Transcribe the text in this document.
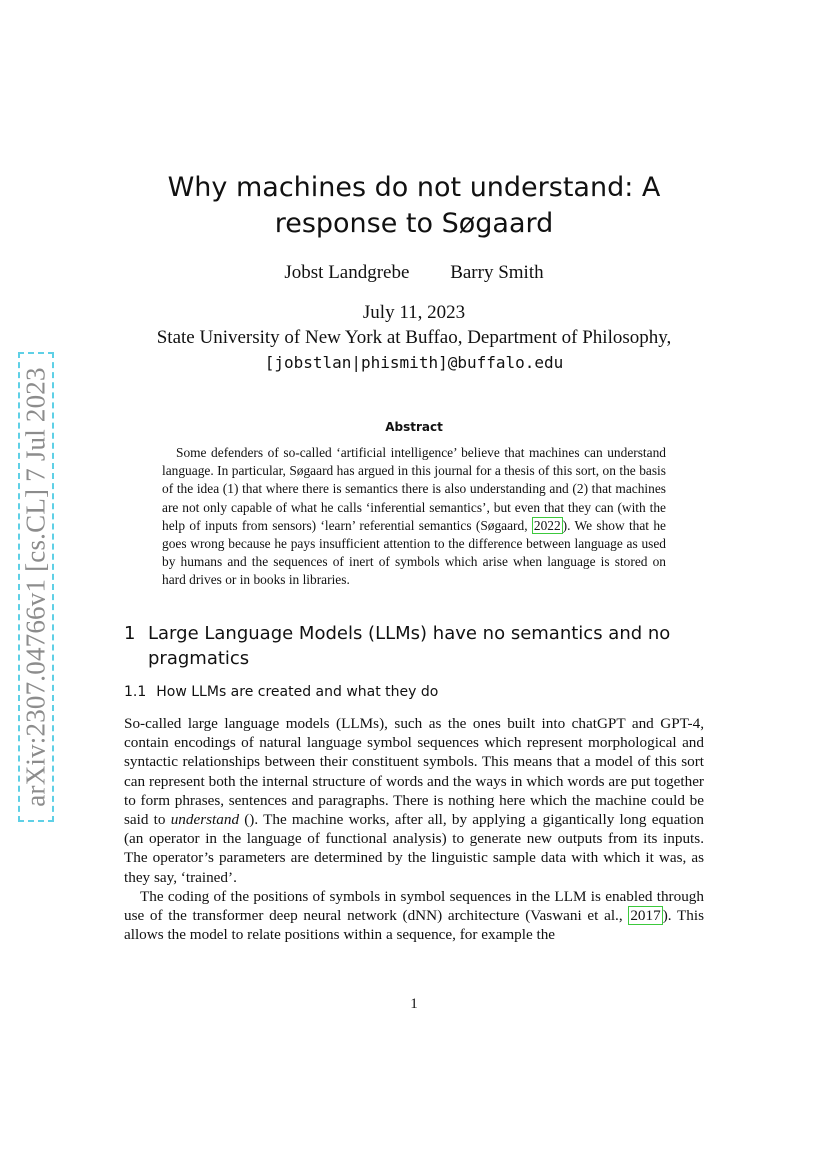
arXiv:2307.04766v1 [cs.CL] 7 Jul 2023
Why machines do not understand: A response to Søgaard
Jobst Landgrebe Barry Smith
July 11, 2023
State University of New York at Buffao, Department of Philosophy,
[jobstlan|phismith]@buffalo.edu
Abstract

Some defenders of so-called ‘artificial intelligence’ believe that machines can understand language. In particular, Søgaard has argued in this journal for a thesis of this sort, on the basis of the idea (1) that where there is semantics there is also understanding and (2) that machines are not only capable of what he calls ‘inferential semantics’, but even that they can (with the help of inputs from sensors) ‘learn’ referential semantics (Søgaard, 2022 ). We show that he goes wrong because he pays insufficient attention to the difference between language as used by humans and the sequences of inert of symbols which arise when language is stored on hard drives or in books in libraries.

1 Large Language Models (LLMs) have no semantics and no pragmatics
1.1 How LLMs are created and what they do

So-called large language models (LLMs), such as the ones built into chatGPT and GPT-4, contain encodings of natural language symbol sequences which represent morphological and syntactic relationships between their constituent symbols. This means that a model of this sort can represent both the internal structure of words and the ways in which words are put together to form phrases, sentences and paragraphs. There is nothing here which the machine could be said to understand (). The machine works, after all, by applying a gigantically long equation (an operator in the language of functional analysis) to generate new outputs from its inputs. The operator’s parameters are determined by the linguistic sample data with which it was, as they say, ‘trained’.

The coding of the positions of symbols in symbol sequences in the LLM is enabled through use of the transformer deep neural network (dNN) architecture (Vaswani et al., 2017 ). This allows the model to relate positions within a sequence, for example the

1
